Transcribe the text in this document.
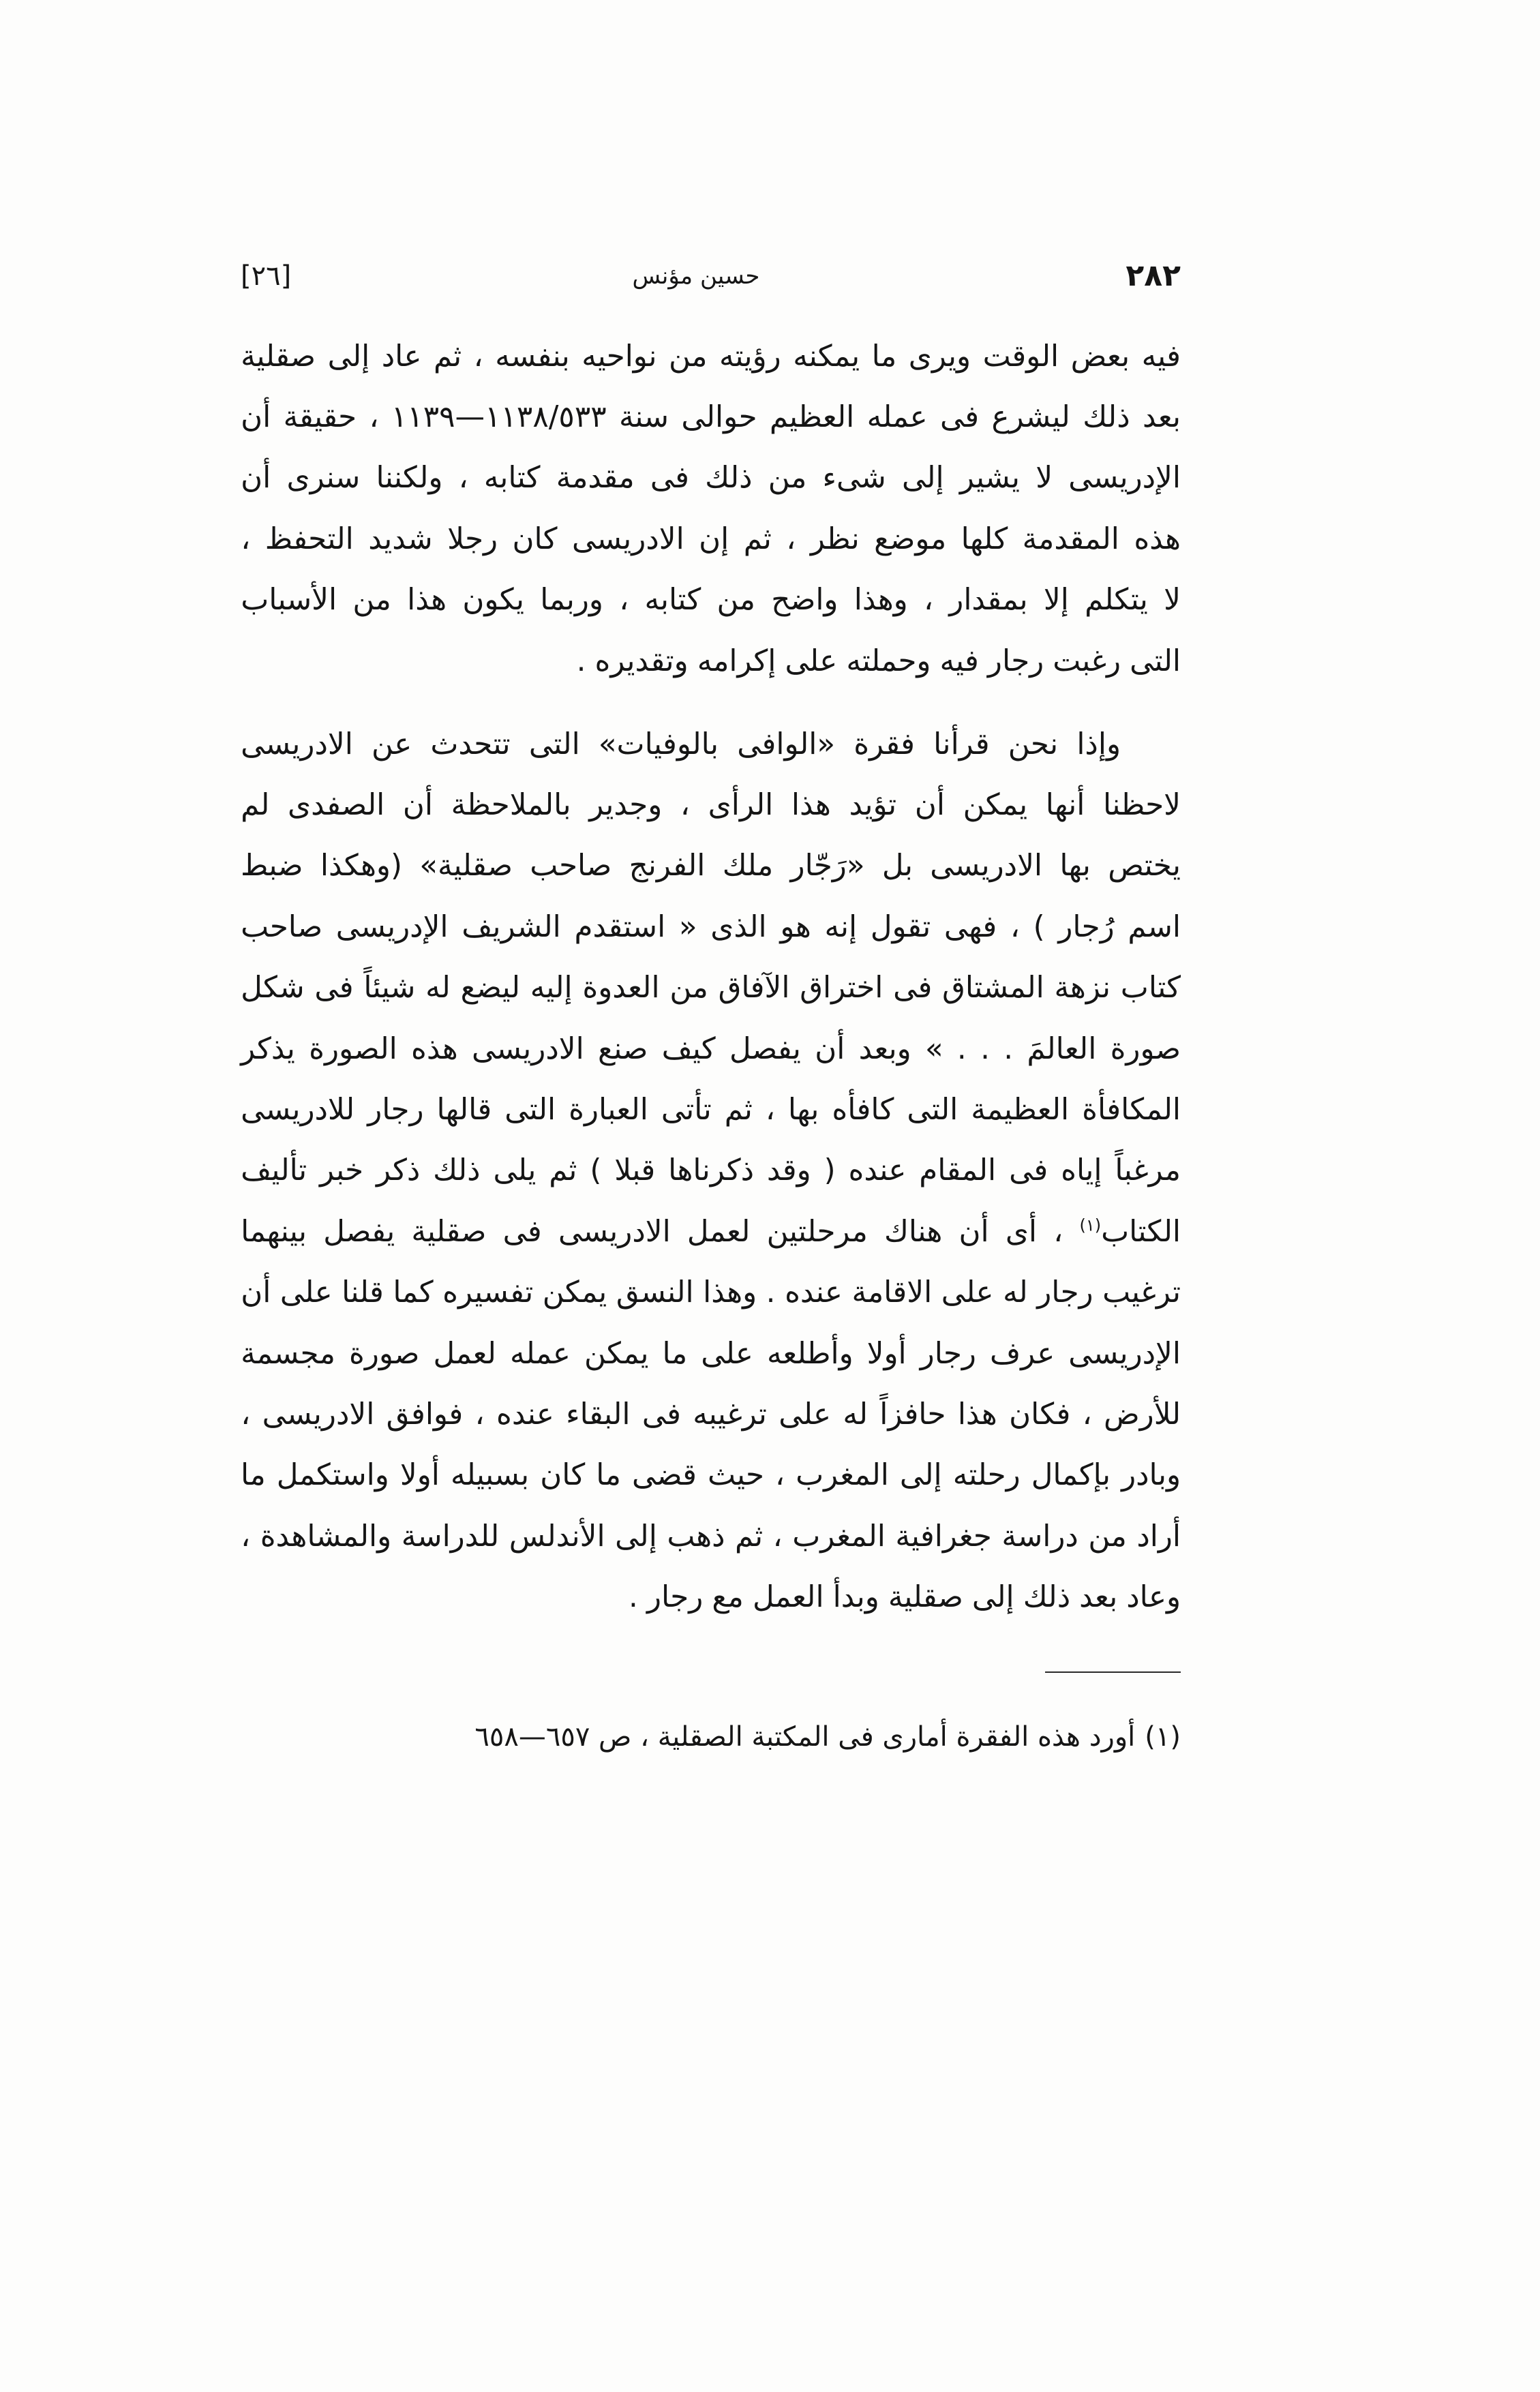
٢٨٢
حسين مؤنس
[٢٦]
فيه
بعض
الوقت
ويرى
ما
يمكنه
رؤيته
من
نواحيه
بنفسه
،
ثم
عاد
إلى
صقلية
بعد
ذلك
ليشرع
فى
عمله
العظيم
حوالى
سنة
٥٣٣/١١٣٨—١١٣٩
،
حقيقة
أن
الإدريسى
لا
يشير
إلى
شىء
من
ذلك
فى
مقدمة
كتابه
،
ولكننا
سنرى
أن
هذه
المقدمة
كلها
موضع
نظر
،
ثم
إن
الادريسى
كان
رجلا
شديد
التحفظ
،
لا
يتكلم
إلا
بمقدار
،
وهذا
واضح
من
كتابه
،
وربما
يكون
هذا
من
الأسباب
التى
رغبت
رجار
فيه
وحملته
على
إكرامه
وتقديره
.
وإذا
نحن
قرأنا
فقرة
«الوافى
بالوفيات»
التى
تتحدث
عن
الادريسى
لاحظنا
أنها
يمكن
أن
تؤيد
هذا
الرأى
،
وجدير
بالملاحظة
أن
الصفدى
لم
يختص
بها
الادريسى
بل
«رَجّار
ملك
الفرنج
صاحب
صقلية»
(وهكذا
ضبط
اسم
رُجار
)
،
فهى
تقول
إنه
هو
الذى
«
استقدم
الشريف
الإدريسى
صاحب
كتاب
نزهة
المشتاق
فى
اختراق
الآفاق
من
العدوة
إليه
ليضع
له
شيئاً
فى
شكل
صورة
العالمَ
.
.
.
»
وبعد
أن
يفصل
كيف
صنع
الادريسى
هذه
الصورة
يذكر
المكافأة
العظيمة
التى
كافأه
بها
،
ثم
تأتى
العبارة
التى
قالها
رجار
للادريسى
مرغباً
إياه
فى
المقام
عنده
(
وقد
ذكرناها
قبلا
)
ثم
يلى
ذلك
ذكر
خبر
تأليف
الكتاب$^{(١)}$
،
أى
أن
هناك
مرحلتين
لعمل
الادريسى
فى
صقلية
يفصل
بينهما
ترغيب
رجار
له
على
الاقامة
عنده
.
وهذا
النسق
يمكن
تفسيره
كما
قلنا
على
أن
الإدريسى
عرف
رجار
أولا
وأطلعه
على
ما
يمكن
عمله
لعمل
صورة
مجسمة
للأرض
،
فكان
هذا
حافزاً
له
على
ترغيبه
فى
البقاء
عنده
،
فوافق
الادريسى
،
وبادر
بإكمال
رحلته
إلى
المغرب
،
حيث
قضى
ما
كان
بسبيله
أولا
واستكمل
ما
أراد
من
دراسة
جغرافية
المغرب
،
ثم
ذهب
إلى
الأندلس
للدراسة
والمشاهدة
،
وعاد
بعد
ذلك
إلى
صقلية
وبدأ
العمل
مع
رجار
.
(١)أورد هذه الفقرة أمارى فى المكتبة الصقلية ، ص ٦٥٧—٦٥٨
